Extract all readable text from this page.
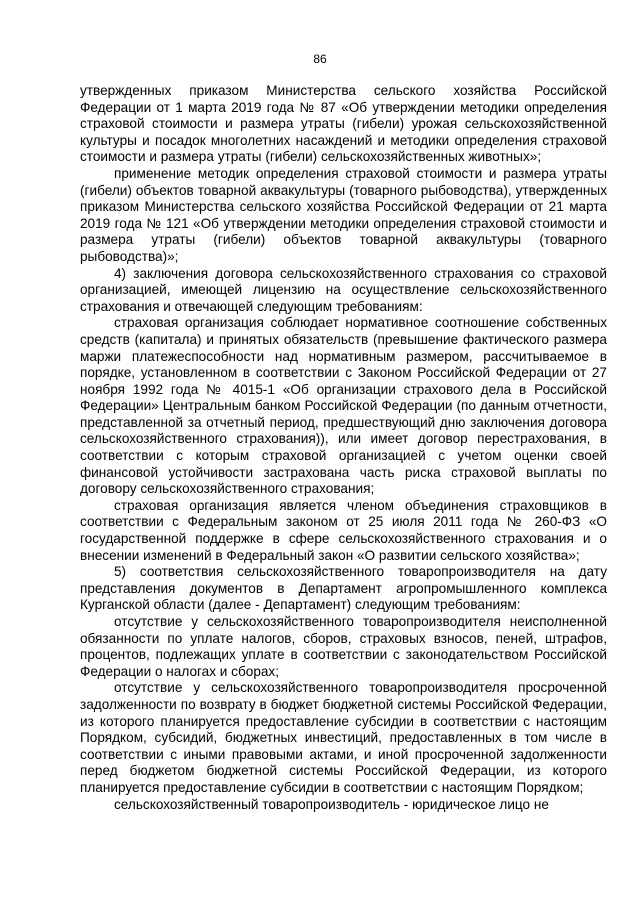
86

утвержденных приказом Министерства сельского хозяйства Российской Федерации от 1 марта 2019 года № 87 «Об утверждении методики определения страховой стоимости и размера утраты (гибели) урожая сельскохозяйственной культуры и посадок многолетних насаждений и методики определения страховой стоимости и размера утраты (гибели) сельскохозяйственных животных»;

применение методик определения страховой стоимости и размера утраты (гибели) объектов товарной аквакультуры (товарного рыбоводства), утвержденных приказом Министерства сельского хозяйства Российской Федерации от 21 марта 2019 года № 121 «Об утверждении методики определения страховой стоимости и размера утраты (гибели) объектов товарной аквакультуры (товарного рыбоводства)»;

4) заключения договора сельскохозяйственного страхования со страховой организацией, имеющей лицензию на осуществление сельскохозяйственного страхования и отвечающей следующим требованиям:

страховая организация соблюдает нормативное соотношение собственных средств (капитала) и принятых обязательств (превышение фактического размера маржи платежеспособности над нормативным размером, рассчитываемое в порядке, установленном в соответствии с Законом Российской Федерации от 27 ноября 1992 года № 4015-1 «Об организации страхового дела в Российской Федерации» Центральным банком Российской Федерации (по данным отчетности, представленной за отчетный период, предшествующий дню заключения договора сельскохозяйственного страхования)), или имеет договор перестрахования, в соответствии с которым страховой организацией с учетом оценки своей финансовой устойчивости застрахована часть риска страховой выплаты по договору сельскохозяйственного страхования;

страховая организация является членом объединения страховщиков в соответствии с Федеральным законом от 25 июля 2011 года № 260-ФЗ «О государственной поддержке в сфере сельскохозяйственного страхования и о внесении изменений в Федеральный закон «О развитии сельского хозяйства»;

5) соответствия сельскохозяйственного товаропроизводителя на дату представления документов в Департамент агропромышленного комплекса Курганской области (далее - Департамент) следующим требованиям:

отсутствие у сельскохозяйственного товаропроизводителя неисполненной обязанности по уплате налогов, сборов, страховых взносов, пеней, штрафов, процентов, подлежащих уплате в соответствии с законодательством Российской Федерации о налогах и сборах;

отсутствие у сельскохозяйственного товаропроизводителя просроченной задолженности по возврату в бюджет бюджетной системы Российской Федерации, из которого планируется предоставление субсидии в соответствии с настоящим Порядком, субсидий, бюджетных инвестиций, предоставленных в том числе в соответствии с иными правовыми актами, и иной просроченной задолженности перед бюджетом бюджетной системы Российской Федерации, из которого планируется предоставление субсидии в соответствии с настоящим Порядком;

сельскохозяйственный товаропроизводитель - юридическое лицо не
